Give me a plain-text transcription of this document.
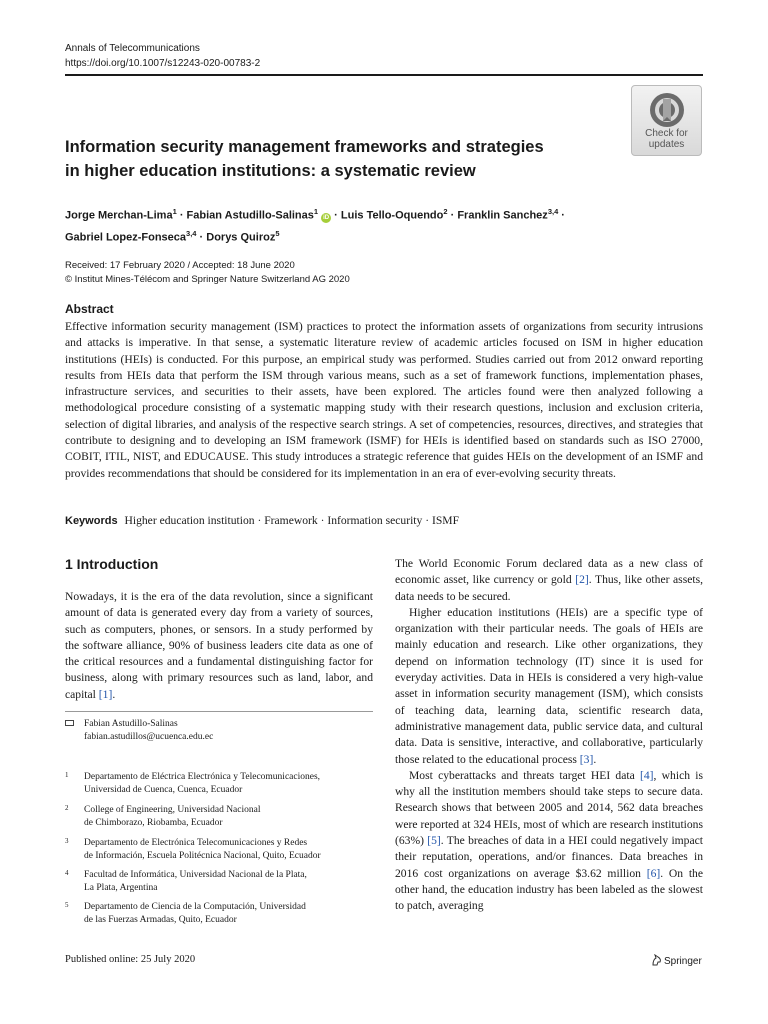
Annals of Telecommunications
https://doi.org/10.1007/s12243-020-00783-2
Check for
updates
Information security management frameworks and strategies
in higher education institutions: a systematic review
Jorge Merchan-Lima$^1$ · Fabian Astudillo-Salinas$^1$ iD · Luis Tello-Oquendo$^2$ · Franklin Sanchez$^{3,4}$ ·
Gabriel Lopez-Fonseca$^{3,4}$ · Dorys Quiroz$^5$
Received: 17 February 2020 / Accepted: 18 June 2020
© Institut Mines-Télécom and Springer Nature Switzerland AG 2020
Abstract
Effective information security management (ISM) practices to protect the information assets of organizations from security intrusions and attacks is imperative. In that sense, a systematic literature review of academic articles focused on ISM in higher education institutions (HEIs) is conducted. For this purpose, an empirical study was performed. Studies carried out from 2012 onward reporting results from HEIs data that perform the ISM through various means, such as a set of framework functions, implementation phases, infrastructure services, and securities to their assets, have been explored. The articles found were then analyzed following a methodological procedure consisting of a systematic mapping study with their research questions, inclusion and exclusion criteria, selection of digital libraries, and analysis of the respective search strings. A set of competencies, resources, directives, and strategies that contribute to designing and to developing an ISM framework (ISMF) for HEIs is identified based on standards such as ISO 27000, COBIT, ITIL, NIST, and EDUCAUSE. This study introduces a strategic reference that guides HEIs on the development of an ISMF and provides recommendations that should be considered for its implementation in an era of ever-evolving security threats.
Keywords Higher education institution · Framework · Information security · ISMF
1 Introduction

Nowadays, it is the era of the data revolution, since a significant amount of data is generated every day from a variety of sources, such as computers, phones, or sensors. In a study performed by the software alliance, 90% of business leaders cite data as one of the critical resources and a fundamental distinguishing factor for business, along with primary resources such as land, labor, and capital [1].

Fabian Astudillo-Salinas
fabian.astudillos@ucuenca.edu.ec
1 Departamento de Eléctrica Electrónica y Telecomunicaciones,
Universidad de Cuenca, Cuenca, Ecuador
2 College of Engineering, Universidad Nacional
de Chimborazo, Riobamba, Ecuador
3 Departamento de Electrónica Telecomunicaciones y Redes
de Información, Escuela Politécnica Nacional, Quito, Ecuador
4 Facultad de Informática, Universidad Nacional de la Plata,
La Plata, Argentina
5 Departamento de Ciencia de la Computación, Universidad
de las Fuerzas Armadas, Quito, Ecuador

The World Economic Forum declared data as a new class of economic asset, like currency or gold [2]. Thus, like other assets, data needs to be secured.

Higher education institutions (HEIs) are a specific type of organization with their particular needs. The goals of HEIs are mainly education and research. Like other organizations, they depend on information technology (IT) since it is used for everyday activities. Data in HEIs is considered a very high-value asset in information security management (ISM), which consists of teaching data, learning data, scientific research data, administrative management data, public service data, and cultural data. Data is sensitive, interactive, and collaborative, particularly those related to the educational process [3].

Most cyberattacks and threats target HEI data [4], which is why all the institution members should take steps to secure data. Research shows that between 2005 and 2014, 562 data breaches were reported at 324 HEIs, most of which are research institutions (63%) [5]. The breaches of data in a HEI could negatively impact their reputation, operations, and/or finances. Data breaches in 2016 cost organizations on average $3.62 million [6]. On the other hand, the education industry has been labeled as the slowest to patch, averaging

Published online: 25 July 2020	Springer
